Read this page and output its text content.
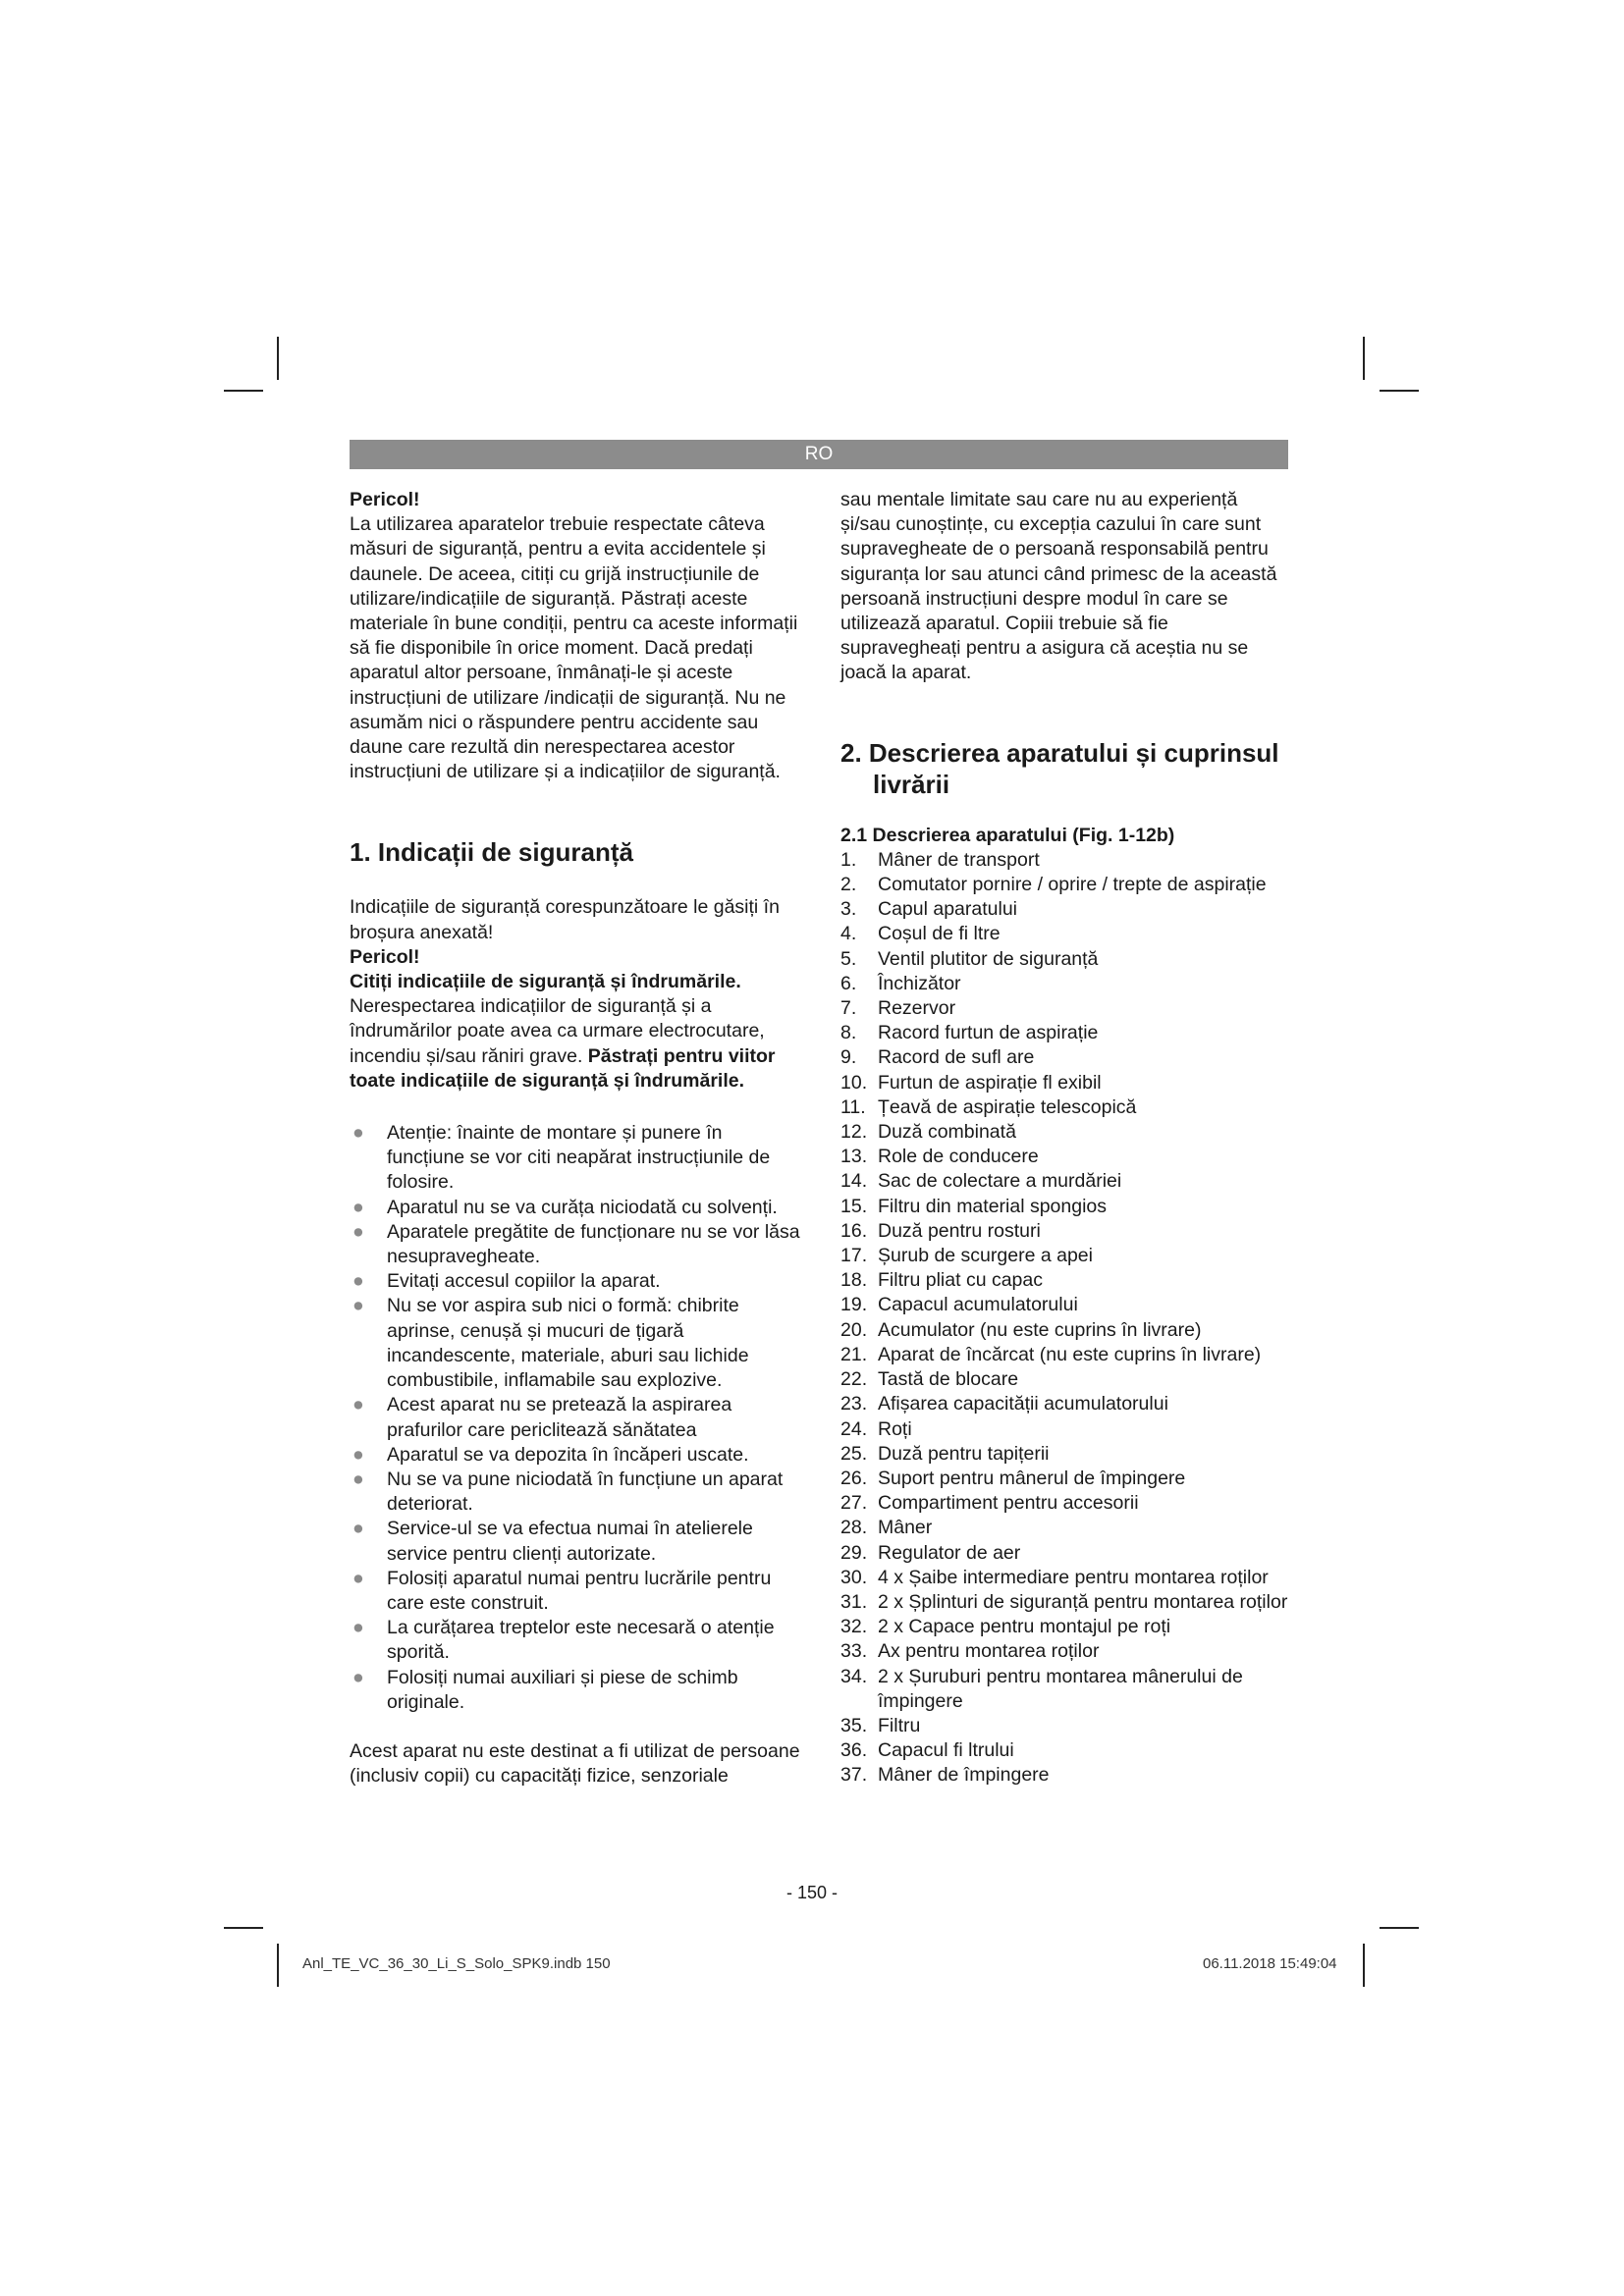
RO

Pericol!

La utilizarea aparatelor trebuie respectate câteva măsuri de siguranță, pentru a evita accidentele și daunele. De aceea, citiți cu grijă instrucțiunile de utilizare/indicațiile de siguranță. Păstrați aceste materiale în bune condiții, pentru ca aceste informații să fie disponibile în orice moment. Dacă predați aparatul altor persoane, înmânați-le și aceste instrucțiuni de utilizare /indicații de siguranță. Nu ne asumăm nici o răspundere pentru accidente sau daune care rezultă din nerespectarea acestor instrucțiuni de utilizare și a indicațiilor de siguranță.

1. Indicații de siguranță

Indicațiile de siguranță corespunzătoare le găsiți în broșura anexată!

Pericol!

Citiți indicațiile de siguranță și îndrumările.

Nerespectarea indicațiilor de siguranță și a îndrumărilor poate avea ca urmare electrocutare, incendiu și/sau răniri grave. Păstrați pentru viitor toate indicațiile de siguranță și îndrumările.

● Atenție: înainte de montare și punere în funcțiune se vor citi neapărat instrucțiunile de folosire.
● Aparatul nu se va curăța niciodată cu solvenți.
● Aparatele pregătite de funcționare nu se vor lăsa nesupravegheate.
● Evitați accesul copiilor la aparat.
● Nu se vor aspira sub nici o formă: chibrite aprinse, cenușă și mucuri de țigară incandescente, materiale, aburi sau lichide combustibile, inflamabile sau explozive.
● Acest aparat nu se pretează la aspirarea prafurilor care periclitează sănătatea
● Aparatul se va depozita în încăperi uscate.
● Nu se va pune niciodată în funcțiune un aparat deteriorat.
● Service-ul se va efectua numai în atelierele service pentru clienți autorizate.
● Folosiți aparatul numai pentru lucrările pentru care este construit.
● La curățarea treptelor este necesară o atenție sporită.
● Folosiți numai auxiliari și piese de schimb originale.

Acest aparat nu este destinat a fi utilizat de persoane (inclusiv copii) cu capacități fizice, senzoriale

sau mentale limitate sau care nu au experiență și/sau cunoștințe, cu excepția cazului în care sunt supravegheate de o persoană responsabilă pentru siguranța lor sau atunci când primesc de la această persoană instrucțiuni despre modul în care se utilizează aparatul. Copiii trebuie să fie supravegheați pentru a asigura că aceștia nu se joacă la aparat.

2. Descrierea aparatului și cuprinsul
livrării

2.1 Descrierea aparatului (Fig. 1-12b)

1. Mâner de transport
2. Comutator pornire / oprire / trepte de aspirație
3. Capul aparatului
4. Coșul de fi ltre
5. Ventil plutitor de siguranță
6. Închizător
7. Rezervor
8. Racord furtun de aspirație
9. Racord de sufl are
10. Furtun de aspirație fl exibil
11. Țeavă de aspirație telescopică
12. Duză combinată
13. Role de conducere
14. Sac de colectare a murdăriei
15. Filtru din material spongios
16. Duză pentru rosturi
17. Șurub de scurgere a apei
18. Filtru pliat cu capac
19. Capacul acumulatorului
20. Acumulator (nu este cuprins în livrare)
21. Aparat de încărcat (nu este cuprins în livrare)
22. Tastă de blocare
23. Afișarea capacității acumulatorului
24. Roți
25. Duză pentru tapițerii
26. Suport pentru mânerul de împingere
27. Compartiment pentru accesorii
28. Mâner
29. Regulator de aer
30. 4 x Șaibe intermediare pentru montarea roților
31. 2 x Șplinturi de siguranță pentru montarea roților
32. 2 x Capace pentru montajul pe roți
33. Ax pentru montarea roților
34. 2 x Șuruburi pentru montarea mânerului de împingere
35. Filtru
36. Capacul fi ltrului
37. Mâner de împingere
- 150 -
Anl_TE_VC_36_30_Li_S_Solo_SPK9.indb 150	06.11.2018 15:49:04
